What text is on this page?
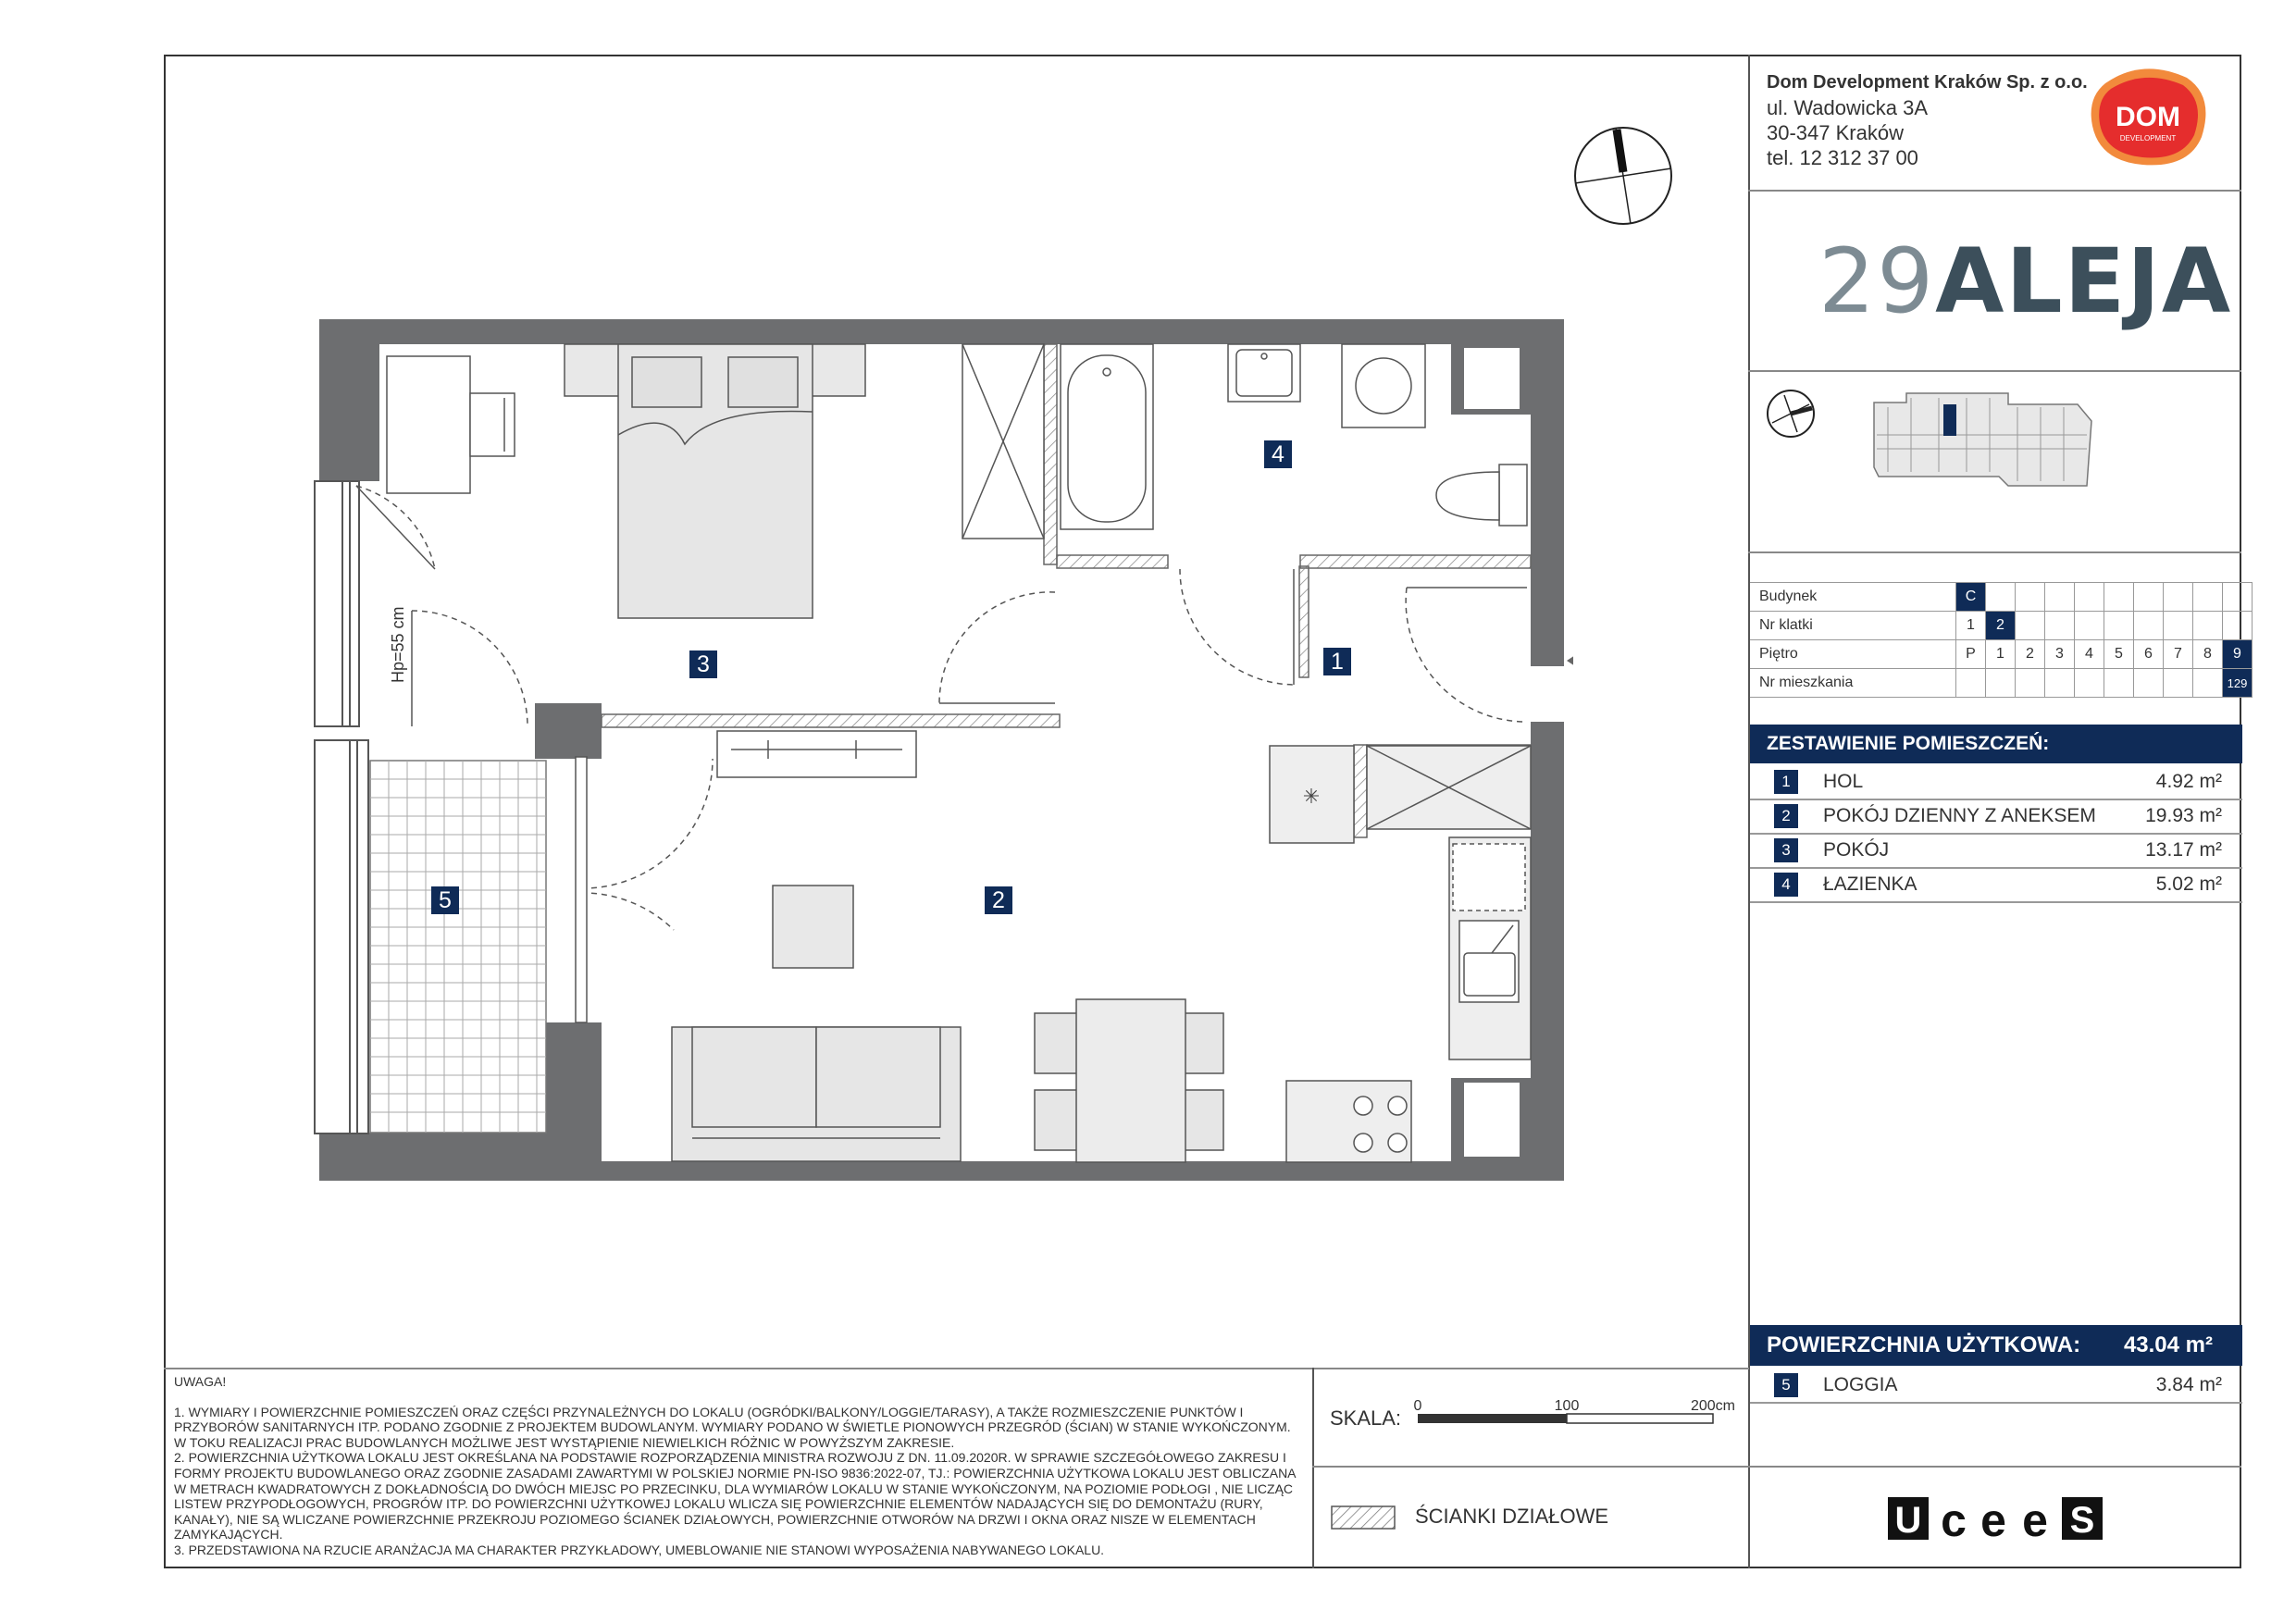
Dom Development Kraków Sp. z o.o.
ul. Wadowicka 3A
30-347 Kraków
tel. 12 312 37 00
DOM
DEVELOPMENT
29ALEJA
Budynek	C									
Nr klatki	1	2								
Piętro	P	1	2	3	4	5	6	7	8	9
Nr mieszkania										129
ZESTAWIENIE POMIESZCZEŃ:
1	HOL	4.92 m²
2	POKÓJ DZIENNY Z ANEKSEM	19.93 m²
3	POKÓJ	13.17 m²
4	ŁAZIENKA	5.02 m²
POWIERZCHNIA UŻYTKOWA: 43.04 m²
5	LOGGIA	3.84 m²
UWAGA!
1. WYMIARY I POWIERZCHNIE POMIESZCZEŃ ORAZ CZĘŚCI PRZYNALEŻNYCH DO LOKALU (OGRÓDKI/BALKONY/LOGGIE/TARASY), A TAKŻE ROZMIESZCZENIE PUNKTÓW I PRZYBORÓW SANITARNYCH ITP. PODANO ZGODNIE Z PROJEKTEM BUDOWLANYM. WYMIARY PODANO W ŚWIETLE PIONOWYCH PRZEGRÓD (ŚCIAN) W STANIE WYKOŃCZONYM. W TOKU REALIZACJI PRAC BUDOWLANYCH MOŻLIWE JEST WYSTĄPIENIE NIEWIELKICH RÓŻNIC W POWYŻSZYM ZAKRESIE.
2. POWIERZCHNIA UŻYTKOWA LOKALU JEST OKREŚLANA NA PODSTAWIE ROZPORZĄDZENIA MINISTRA ROZWOJU Z DN. 11.09.2020R. W SPRAWIE SZCZEGÓŁOWEGO ZAKRESU I FORMY PROJEKTU BUDOWLANEGO ORAZ ZGODNIE ZASADAMI ZAWARTYMI W POLSKIEJ NORMIE PN-ISO 9836:2022-07, TJ.: POWIERZCHNIA UŻYTKOWA LOKALU JEST OBLICZANA W METRACH KWADRATOWYCH Z DOKŁADNOŚCIĄ DO DWÓCH MIEJSC PO PRZECINKU, DLA WYMIARÓW LOKALU W STANIE WYKOŃCZONYM, NA POZIOMIE PODŁOGI , NIE LICZĄC LISTEW PRZYPODŁOGOWYCH, PROGRÓW ITP. DO POWIERZCHNI UŻYTKOWEJ LOKALU WLICZA SIĘ POWIERZCHNIE ELEMENTÓW NADAJĄCYCH SIĘ DO DEMONTAŻU (RURY, KANAŁY), NIE SĄ WLICZANE POWIERZCHNIE PRZEKROJU POZIOMEGO ŚCIANEK DZIAŁOWYCH, POWIERZCHNIE OTWORÓW NA DRZWI I OKNA ORAZ NISZE W ELEMENTACH ZAMYKAJĄCYCH.
3. PRZEDSTAWIONA NA RZUCIE ARANŻACJA MA CHARAKTER PRZYKŁADOWY, UMEBLOWANIE NIE STANOWI WYPOSAŻENIA NABYWANEGO LOKALU.
SKALA:
0	100	200cm
ŚCIANKI DZIAŁOWE	U c e e S
✳
Hp=55 cm	1
2
3
4
5
